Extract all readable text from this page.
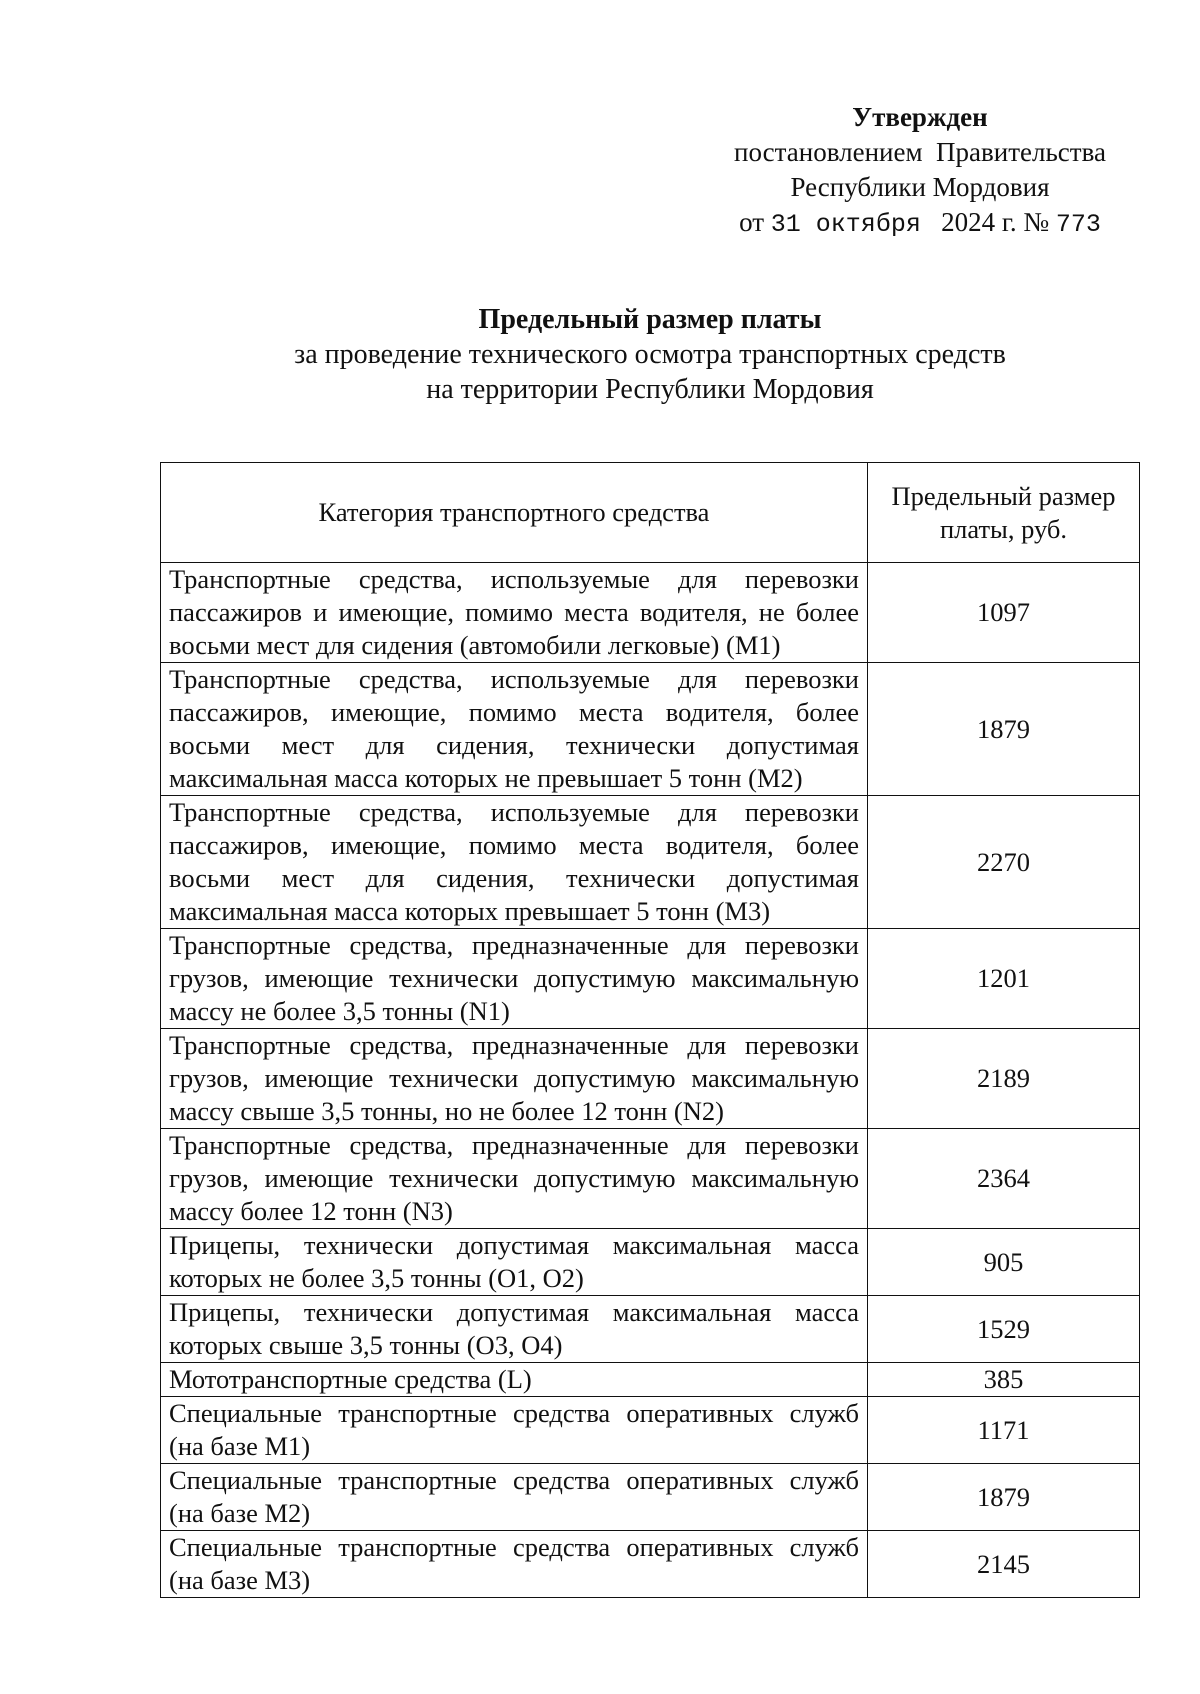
Утвержден
постановлением  Правительства
Республики Мордовия
от 31 октября 2024 г. № 773
Предельный размер платы
за проведение технического осмотра транспортных средств
на территории Республики Мордовия
Категория транспортного средства	Предельный размер платы, руб.
Транспортные средства, используемые для перевозки пассажиров и имеющие, помимо места водителя, не более восьми мест для сидения (автомобили легковые) (M1)	1097
Транспортные средства, используемые для перевозки пассажиров, имеющие, помимо места водителя, более восьми мест для сидения, технически допустимая максимальная масса которых не превышает 5 тонн (M2)	1879
Транспортные средства, используемые для перевозки пассажиров, имеющие, помимо места водителя, более восьми мест для сидения, технически допустимая максимальная масса которых превышает 5 тонн (M3)	2270
Транспортные средства, предназначенные для перевозки грузов, имеющие технически допустимую максимальную массу не более 3,5 тонны (N1)	1201
Транспортные средства, предназначенные для перевозки грузов, имеющие технически допустимую максимальную массу свыше 3,5 тонны, но не более 12 тонн (N2)	2189
Транспортные средства, предназначенные для перевозки грузов, имеющие технически допустимую максимальную массу более 12 тонн (N3)	2364
Прицепы, технически допустимая максимальная масса которых не более 3,5 тонны (O1, O2)	905
Прицепы, технически допустимая максимальная масса которых свыше 3,5 тонны (O3, O4)	1529
Мототранспортные средства (L)	385
Специальные транспортные средства оперативных служб (на базе M1)	1171
Специальные транспортные средства оперативных служб (на базе M2)	1879
Специальные транспортные средства оперативных служб (на базе M3)	2145
